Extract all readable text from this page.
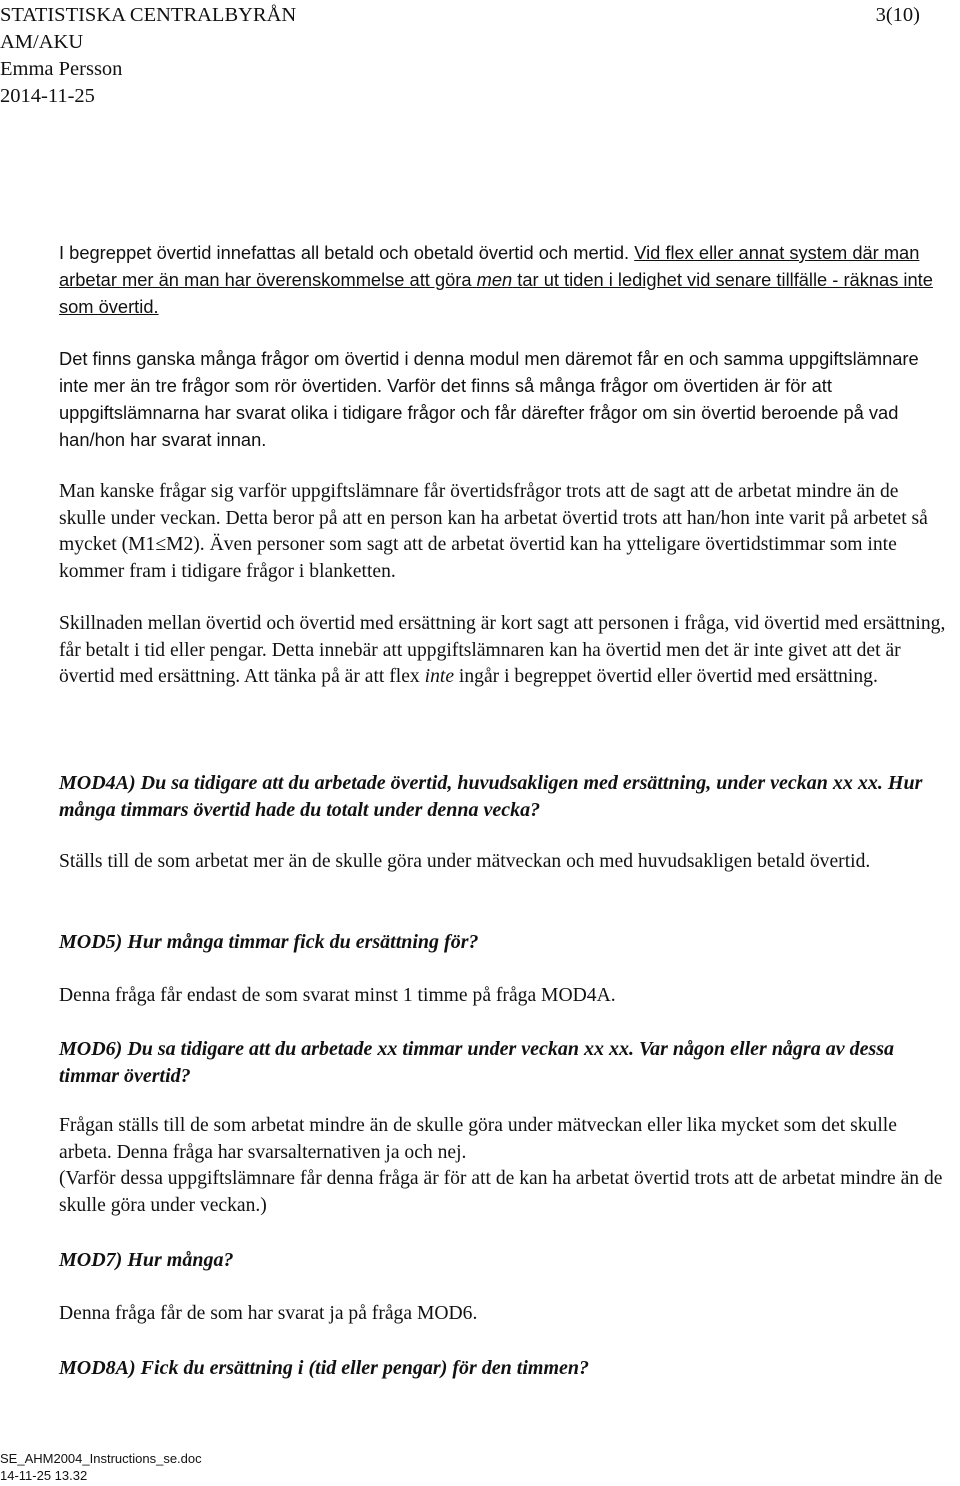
STATISTISKA CENTRALBYRÅN	3(10)
AM/AKU
Emma Persson
2014-11-25

I begreppet övertid innefattas all betald och obetald övertid och mertid. Vid flex eller annat system där man arbetar mer än man har överenskommelse att göra men tar ut tiden i ledighet vid senare tillfälle - räknas inte som övertid.

Det finns ganska många frågor om övertid i denna modul men däremot får en och samma uppgiftslämnare inte mer än tre frågor som rör övertiden. Varför det finns så många frågor om övertiden är för att uppgiftslämnarna har svarat olika i tidigare frågor och får därefter frågor om sin övertid beroende på vad han/hon har svarat innan.

Man kanske frågar sig varför uppgiftslämnare får övertidsfrågor trots att de sagt att de arbetat mindre än de skulle under veckan. Detta beror på att en person kan ha arbetat övertid trots att han/hon inte varit på arbetet så mycket (M1≤M2). Även personer som sagt att de arbetat övertid kan ha ytteligare övertidstimmar som inte kommer fram i tidigare frågor i blanketten.

Skillnaden mellan övertid och övertid med ersättning är kort sagt att personen i fråga, vid övertid med ersättning, får betalt i tid eller pengar. Detta innebär att uppgiftslämnaren kan ha övertid men det är inte givet att det är övertid med ersättning. Att tänka på är att flex inte ingår i begreppet övertid eller övertid med ersättning.

MOD4A) Du sa tidigare att du arbetade övertid, huvudsakligen med ersättning, under veckan xx xx. Hur många timmars övertid hade du totalt under denna vecka?

Ställs till de som arbetat mer än de skulle göra under mätveckan och med huvudsakligen betald övertid.

MOD5) Hur många timmar fick du ersättning för?

Denna fråga får endast de som svarat minst 1 timme på fråga MOD4A.

MOD6) Du sa tidigare att du arbetade xx timmar under veckan xx xx. Var någon eller några av dessa timmar övertid?

Frågan ställs till de som arbetat mindre än de skulle göra under mätveckan eller lika mycket som det skulle arbeta. Denna fråga har svarsalternativen ja och nej.
(Varför dessa uppgiftslämnare får denna fråga är för att de kan ha arbetat övertid trots att de arbetat mindre än de skulle göra under veckan.)

MOD7) Hur många?

Denna fråga får de som har svarat ja på fråga MOD6.

MOD8A) Fick du ersättning i (tid eller pengar) för den timmen?

SE_AHM2004_Instructions_se.doc
14-11-25 13.32
